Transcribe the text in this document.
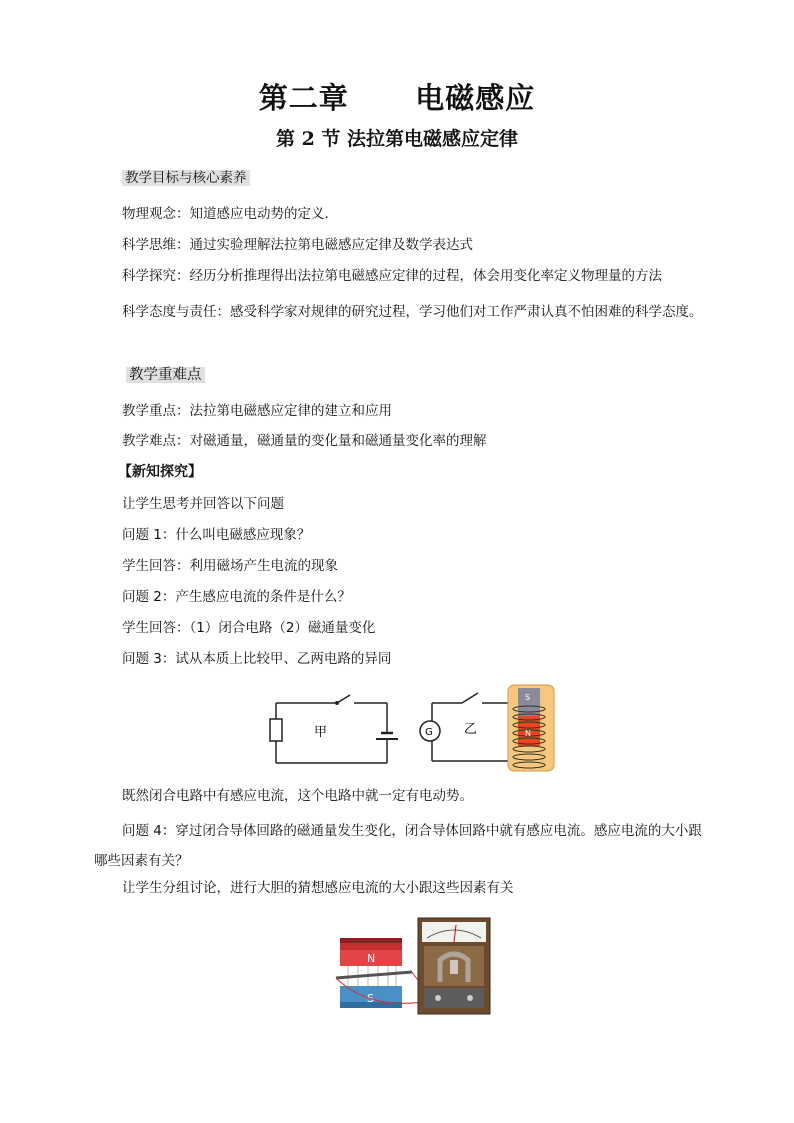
第二章      电磁感应
第 2 节 法拉第电磁感应定律
教学目标与核心素养
物理观念：知道感应电动势的定义.
科学思维：通过实验理解法拉第电磁感应定律及数学表达式
科学探究：经历分析推理得出法拉第电磁感应定律的过程，体会用变化率定义物理量的方法
科学态度与责任：感受科学家对规律的研究过程，学习他们对工作严肃认真不怕困难的科学态度。
教学重难点
教学重点：法拉第电磁感应定律的建立和应用
教学难点：对磁通量，磁通量的变化量和磁通量变化率的理解
【新知探究】
让学生思考并回答以下问题
问题 1：什么叫电磁感应现象？
学生回答：利用磁场产生电流的现象
问题 2：产生感应电流的条件是什么？
学生回答：（1）闭合电路（2）磁通量变化
问题 3：试从本质上比较甲、乙两电路的异同
甲	G 乙
S
N
既然闭合电路中有感应电流，这个电路中就一定有电动势。
问题 4：穿过闭合导体回路的磁通量发生变化，闭合导体回路中就有感应电流。感应电流的大小跟哪些因素有关？
让学生分组讨论，进行大胆的猜想感应电流的大小跟这些因素有关
N
S
